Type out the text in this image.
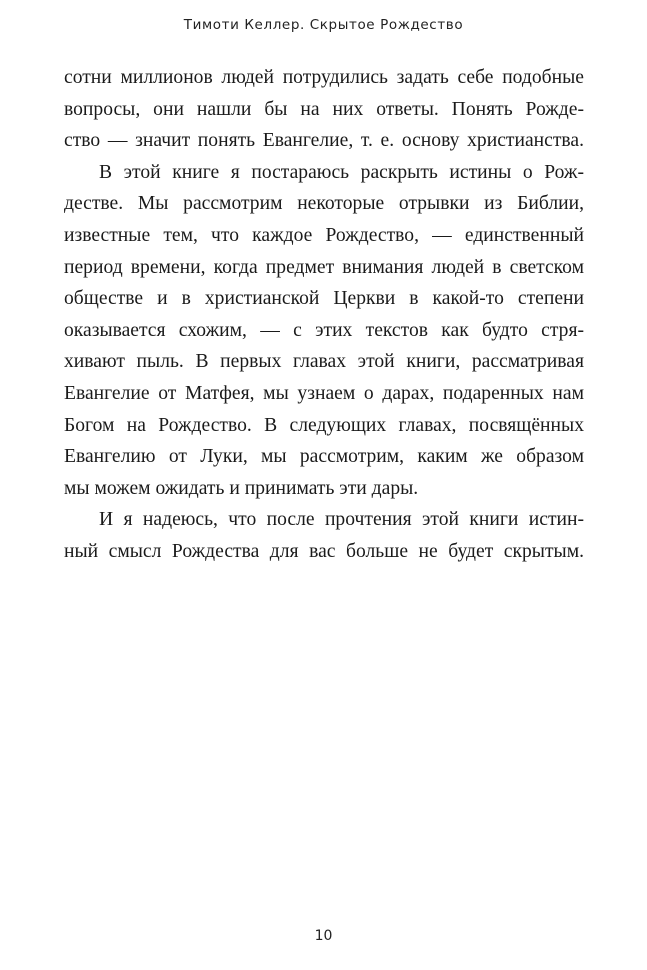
Тимоти Келлер. Скрытое Рождество
сотни миллионов людей потрудились задать себе подобные
вопросы, они нашли бы на них ответы. Понять Рожде-
ство — значит понять Евангелие, т. е. основу христианства.
В этой книге я постараюсь раскрыть истины о Рож-
дестве. Мы рассмотрим некоторые отрывки из Библии,
известные тем, что каждое Рождество, — единственный
период времени, когда предмет внимания людей в светском
обществе и в христианской Церкви в какой-то степени
оказывается схожим, — с этих текстов как будто стря-
хивают пыль. В первых главах этой книги, рассматривая
Евангелие от Матфея, мы узнаем о дарах, подаренных нам
Богом на Рождество. В следующих главах, посвящённых
Евангелию от Луки, мы рассмотрим, каким же образом
мы можем ожидать и принимать эти дары.
И я надеюсь, что после прочтения этой книги истин-
ный смысл Рождества для вас больше не будет скрытым.
10
